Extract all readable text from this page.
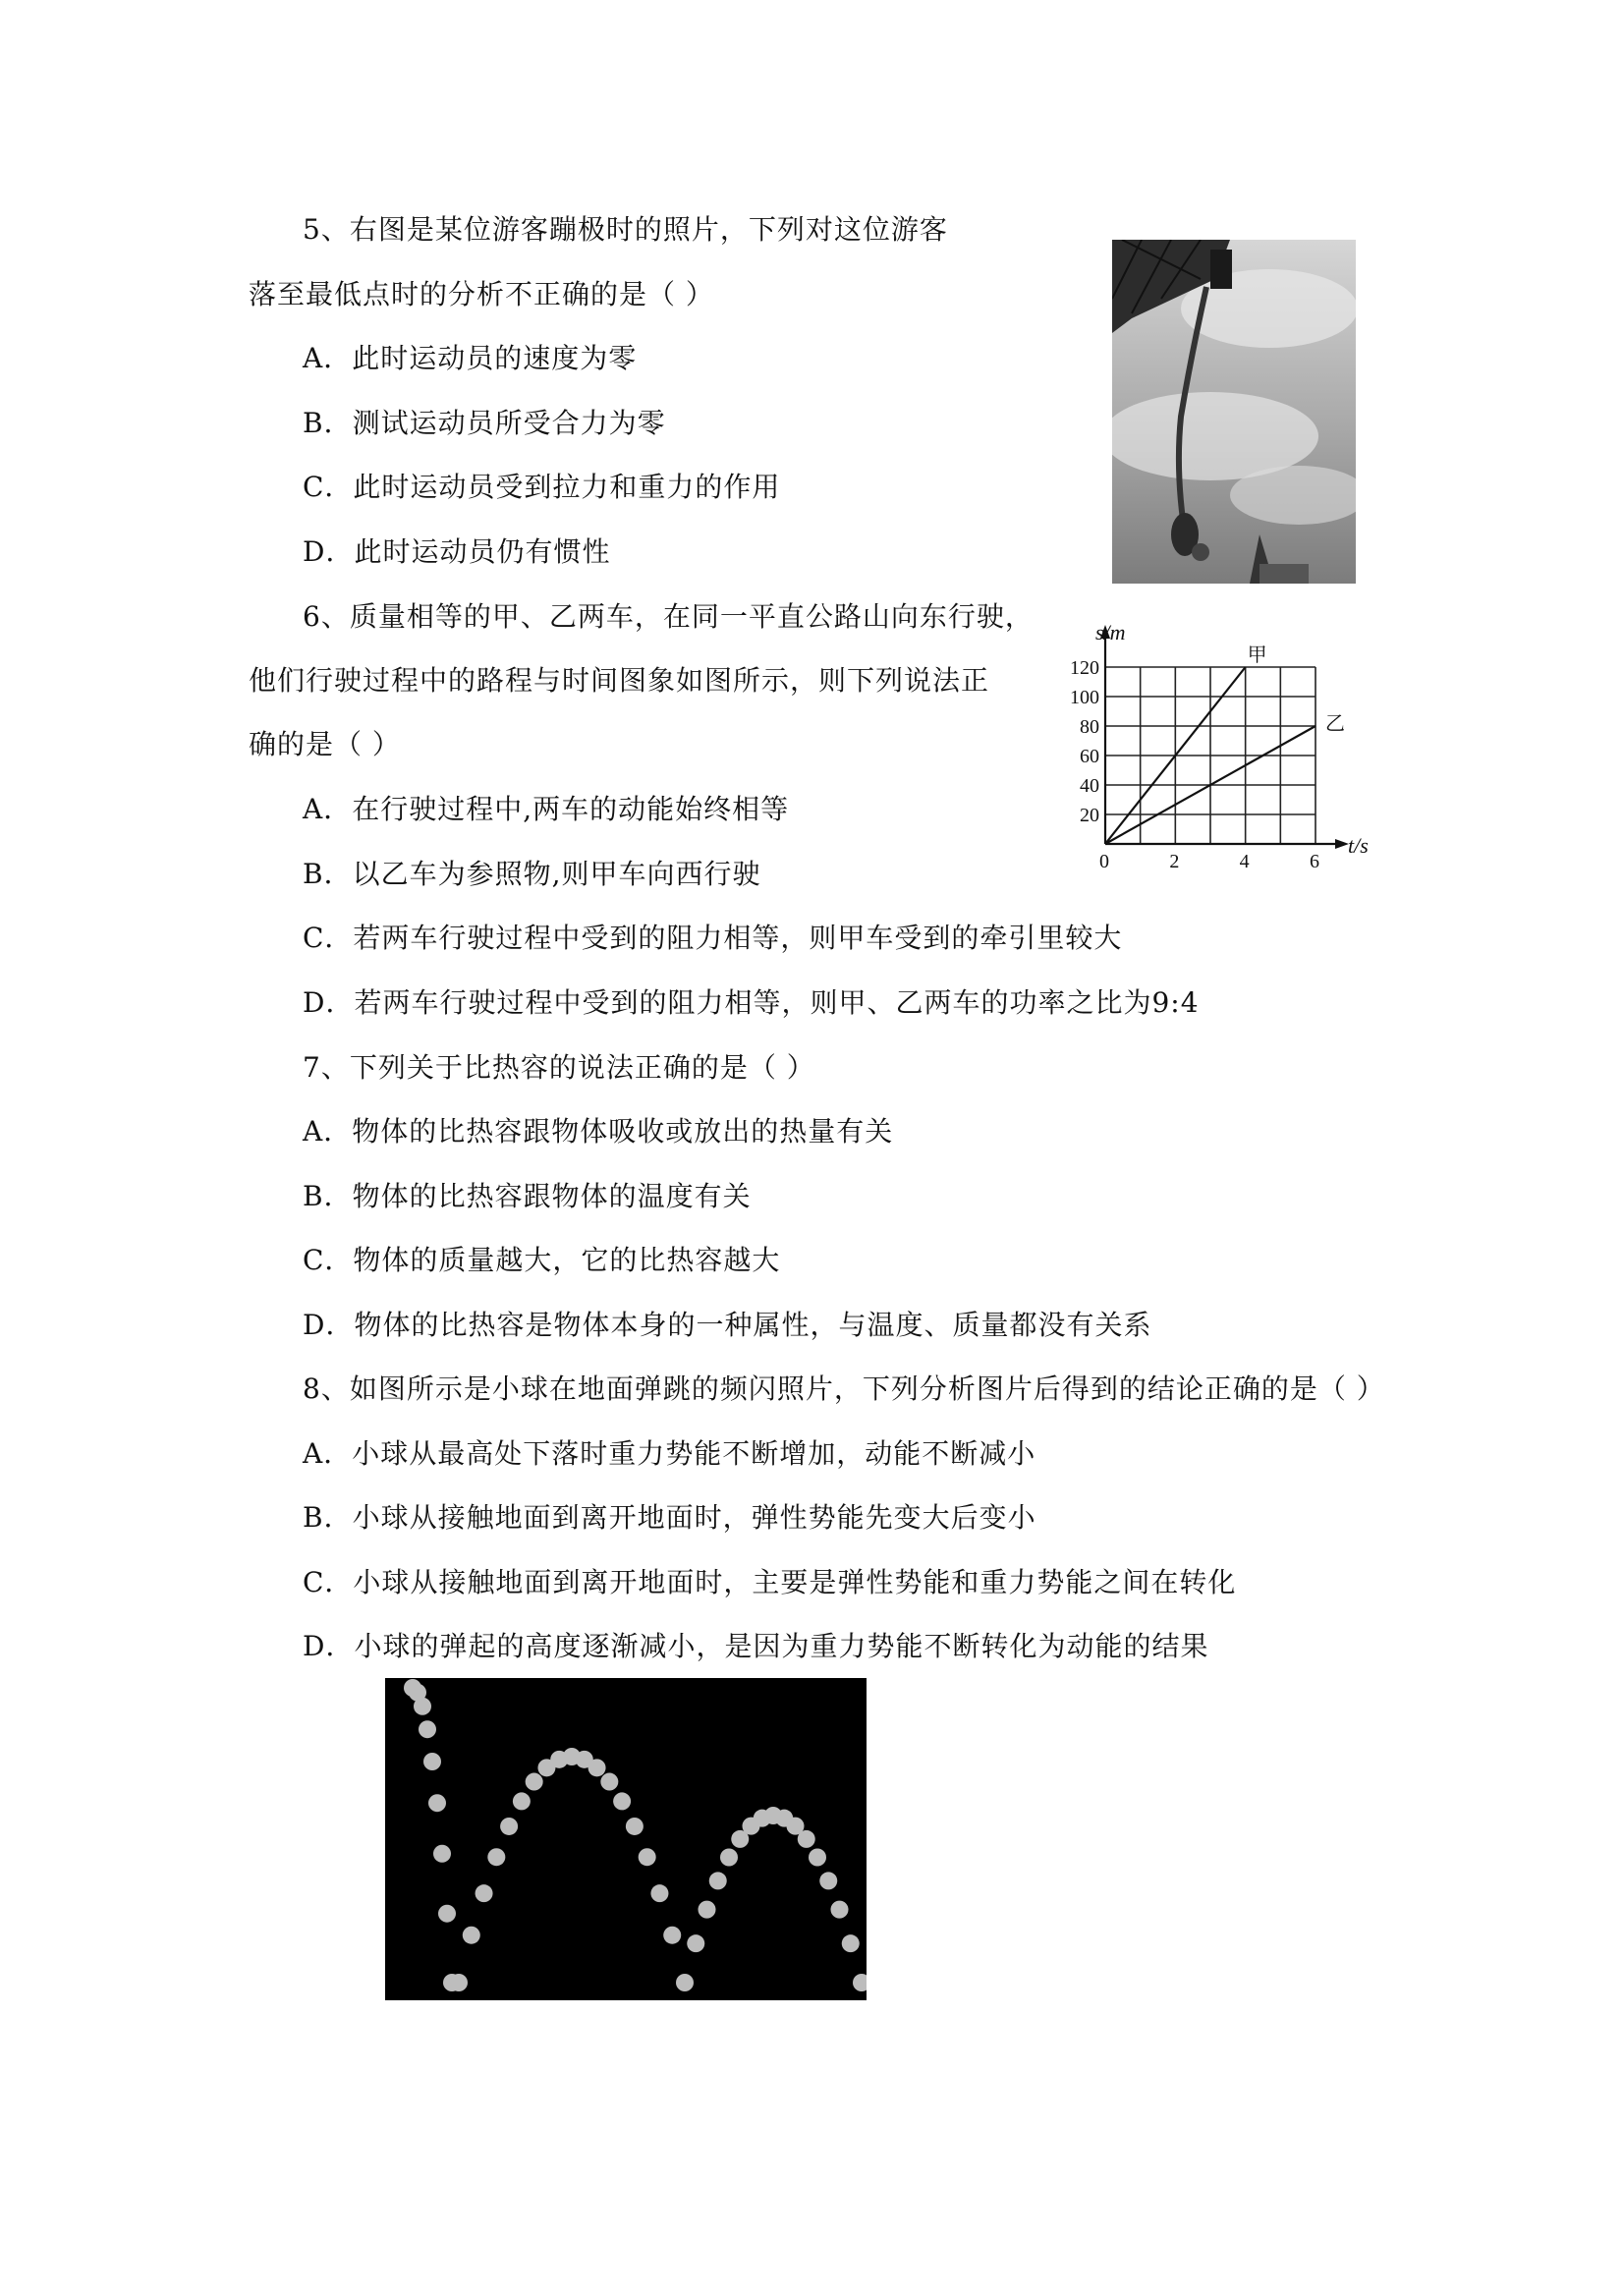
5、右图是某位游客蹦极时的照片，下列对这位游客
落至最低点时的分析不正确的是（ ）
A．此时运动员的速度为零
B．测试运动员所受合力为零
C．此时运动员受到拉力和重力的作用
D．此时运动员仍有惯性
6、质量相等的甲、乙两车，在同一平直公路山向东行驶，
他们行驶过程中的路程与时间图象如图所示，则下列说法正
确的是（ ）
A．在行驶过程中,两车的动能始终相等
B．以乙车为参照物,则甲车向西行驶
C．若两车行驶过程中受到的阻力相等，则甲车受到的牵引里较大
D．若两车行驶过程中受到的阻力相等，则甲、乙两车的功率之比为9:4
甲
乙
0	2	4	6
20
40
60
80
100
120
s/m
t/s
7、下列关于比热容的说法正确的是（ ）
A．物体的比热容跟物体吸收或放出的热量有关
B．物体的比热容跟物体的温度有关
C．物体的质量越大，它的比热容越大
D．物体的比热容是物体本身的一种属性，与温度、质量都没有关系
8、如图所示是小球在地面弹跳的频闪照片，下列分析图片后得到的结论正确的是（ ）
A．小球从最高处下落时重力势能不断增加，动能不断减小
B．小球从接触地面到离开地面时，弹性势能先变大后变小
C．小球从接触地面到离开地面时，主要是弹性势能和重力势能之间在转化
D．小球的弹起的高度逐渐减小，是因为重力势能不断转化为动能的结果
